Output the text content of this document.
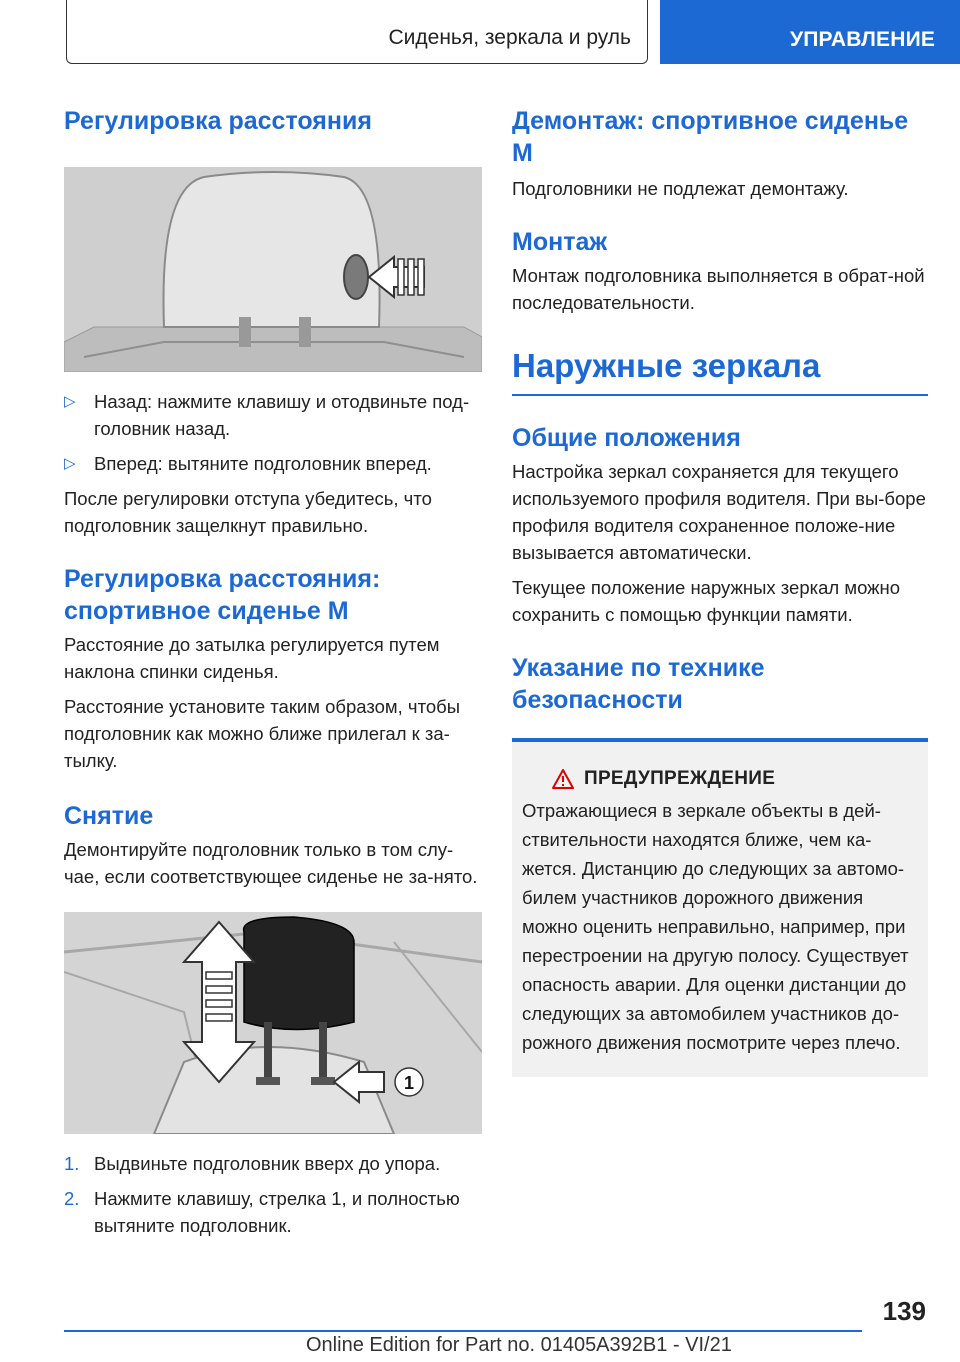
Сиденья, зеркала и руль	УПРАВЛЕНИЕ
Регулировка расстояния
▷ Назад: нажмите клавишу и отодвиньте под-головник назад.
▷ Вперед: вытяните подголовник вперед.

После регулировки отступа убедитесь, что подголовник защелкнут правильно.

Регулировка расстояния: спортивное сиденье M

Расстояние до затылка регулируется путем наклона спинки сиденья.

Расстояние установите таким образом, чтобы подголовник как можно ближе прилегал к за-тылку.

Снятие

Демонтируйте подголовник только в том слу-чае, если соответствующее сиденье не за-нято.

1
1. Выдвиньте подголовник вверх до упора.
2. Нажмите клавишу, стрелка 1, и полностью вытяните подголовник.
Демонтаж: спортивное сиденье M

Подголовники не подлежат демонтажу.

Монтаж

Монтаж подголовника выполняется в обрат-ной последовательности.

Наружные зеркала
Общие положения

Настройка зеркал сохраняется для текущего используемого профиля водителя. При вы-боре профиля водителя сохраненное положе-ние вызывается автоматически.

Текущее положение наружных зеркал можно сохранить с помощью функции памяти.

Указание по технике безопасности
ПРЕДУПРЕЖДЕНИЕ

Отражающиеся в зеркале объекты в дей-ствительности находятся ближе, чем ка-жется. Дистанцию до следующих за автомо-билем участников дорожного движения можно оценить неправильно, например, при перестроении на другую полосу. Существует опасность аварии. Для оценки дистанции до следующих за автомобилем участников до-рожного движения посмотрите через плечо.

139
Online Edition for Part no. 01405A392B1 - VI/21
